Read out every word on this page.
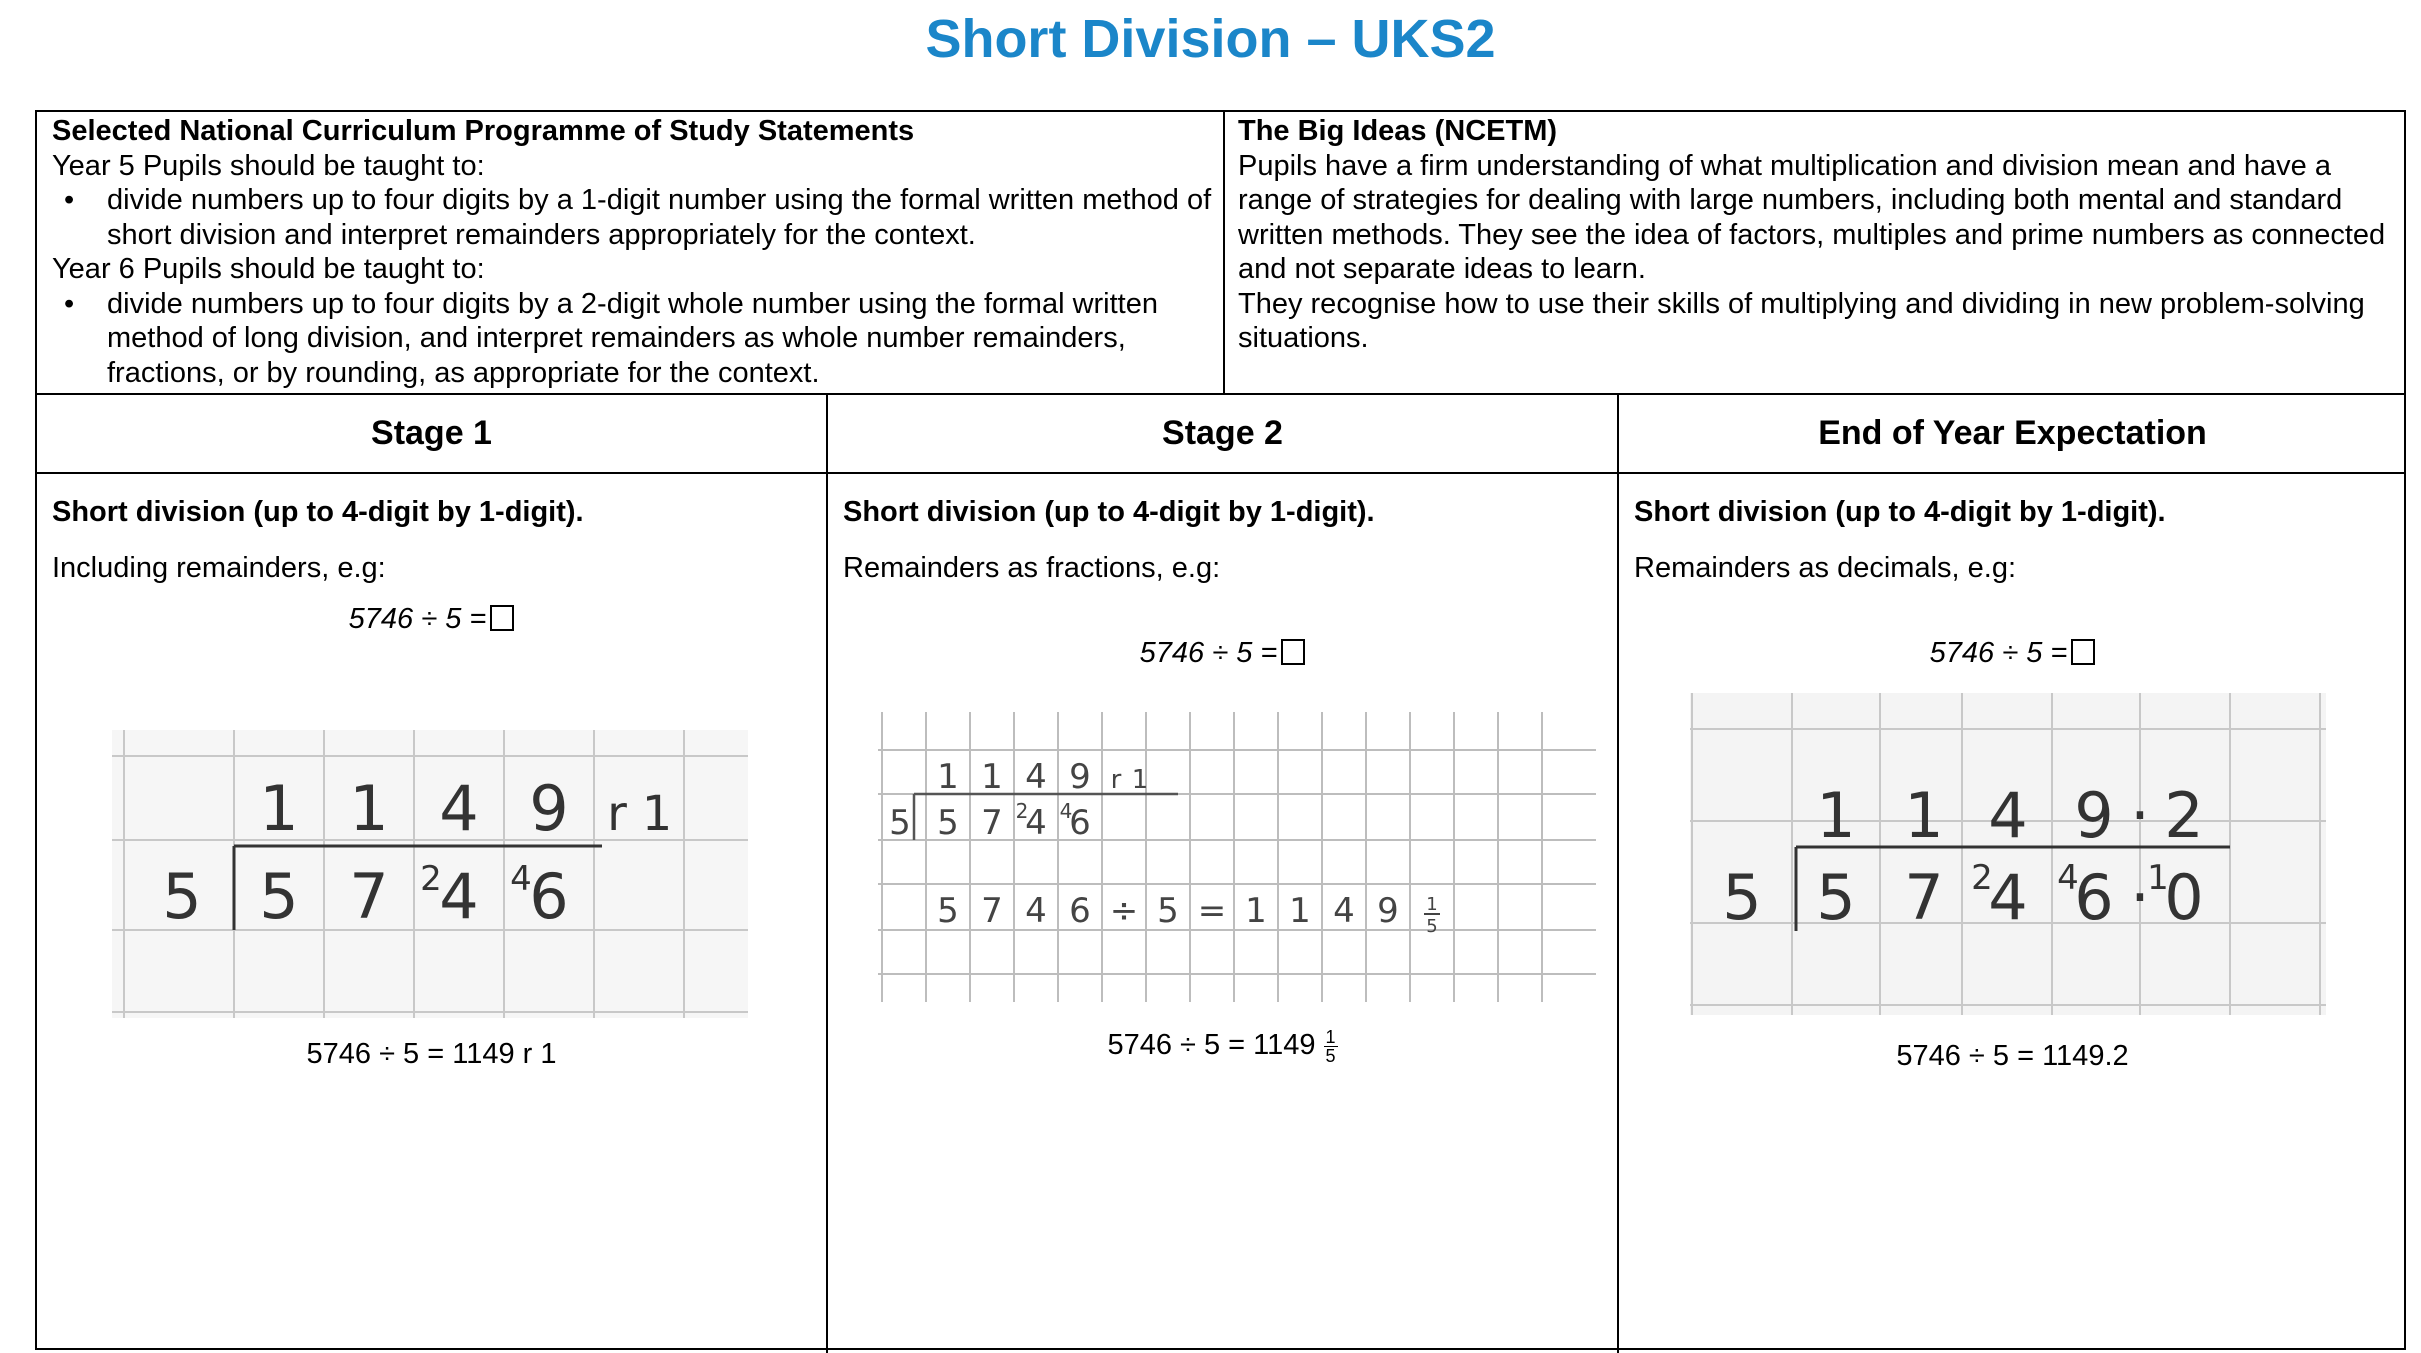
Short Division – UKS2
Selected National Curriculum Programme of Study Statements
Year 5 Pupils should be taught to:
• divide numbers up to four digits by a 1-digit number using the formal written method of short division and interpret remainders appropriately for the context.
Year 6 Pupils should be taught to:
• divide numbers up to four digits by a 2-digit whole number using the formal written method of long division, and interpret remainders as whole number remainders, fractions, or by rounding, as appropriate for the context.
The Big Ideas (NCETM)
Pupils have a firm understanding of what multiplication and division mean and have a range of strategies for dealing with large numbers, including both mental and standard written methods. They see the idea of factors, multiples and prime numbers as connected and not separate ideas to learn.
They recognise how to use their skills of multiplying and dividing in new problem-solving situations.
Stage 1	Stage 2	End of Year Expectation
Short division (up to 4-digit by 1-digit).
Including remainders, e.g:
5746 ÷ 5 =
1 1 4 9 r 1
5 5 7 4 6
2 4
5746 ÷ 5 = 1149 r 1
Short division (up to 4-digit by 1-digit).
Remainders as fractions, e.g:
5746 ÷ 5 =
1 1 4 9 r 1
5 5 7 4 6
2 4
5 7 4 6 ÷ 5 = 1 1 4 9 1
5
$5746 \div 5 = 1149 \frac{1}{5}$
Short division (up to 4-digit by 1-digit).
Remainders as decimals, e.g:
5746 ÷ 5 =
1 1 4 9 · 2
5 5 7 4 6 · 0
2 4 1
5746 ÷ 5 = 1149.2
